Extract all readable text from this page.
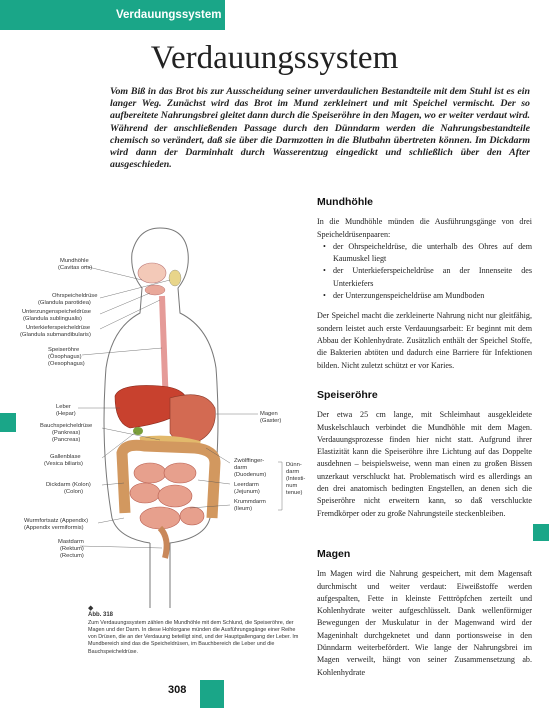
Verdauungssystem
Verdauungssystem
Vom Biß in das Brot bis zur Ausscheidung seiner unverdaulichen Bestandteile mit dem Stuhl ist es ein langer Weg. Zunächst wird das Brot im Mund zerkleinert und mit Speichel vermischt. Der so aufbereitete Nahrungsbrei gleitet dann durch die Speiseröhre in den Magen, wo er weiter verdaut wird. Während der anschließenden Passage durch den Dünndarm werden die Nahrungsbestandteile chemisch so verändert, daß sie über die Darmzotten in die Blutbahn übertreten können. Im Dickdarm wird dann der Darminhalt durch Wasserentzug eingedickt und schließlich über den After ausgeschieden.
Mundhöhle
(Cavitas oris)
Ohrspeicheldrüse
(Glandula parotidea)
Unterzungenspeicheldrüse
(Glandula sublingualis)
Unterkieferspeicheldrüse
(Glandula submandibularis)
Speiseröhre
(Ösophagus)
(Oesophagus)
Leber
(Hepar)
Bauchspeicheldrüse
(Pankreas)
(Pancreas)
Gallenblase
(Vesica biliaris)
Dickdarm (Kolon)
(Colon)
Wurmfortsatz (Appendix)
(Appendix vermiformis)
Mastdarm
(Rektum)
(Rectum)
Magen
(Gaster)
Zwölffinger-
darm
(Duodenum)
Leerdarm
(Jejunum)
Krummdarm
(Ileum)
Dünn-
darm
(Intesti-
num
tenue)
◆
Abb. 318
Zum Verdauungssystem zählen die Mundhöhle mit dem Schlund, die Speiseröhre, der Magen und der Darm. In diese Hohlorgane münden die Ausführungsgänge einer Reihe von Drüsen, die an der Verdauung beteiligt sind, und der Hauptgallengang der Leber. Im Mundbereich sind das die Speicheldrüsen, im Bauchbereich die Leber und die Bauchspeicheldrüse.
Mundhöhle

In die Mundhöhle münden die Ausführungsgänge von drei Speicheldrüsenpaaren:

• der Ohrspeicheldrüse, die unterhalb des Ohres auf dem Kaumuskel liegt
• der Unterkieferspeicheldrüse an der Innenseite des Unterkiefers
• der Unterzungenspeicheldrüse am Mundboden

Der Speichel macht die zerkleinerte Nahrung nicht nur gleitfähig, sondern leistet auch erste Verdauungsarbeit: Er beginnt mit dem Abbau der Kohlenhydrate. Zusätzlich enthält der Speichel Stoffe, die Bakterien abtöten und dadurch eine Barriere für Infektionen bilden. Nicht zuletzt schützt er vor Karies.

Speiseröhre

Der etwa 25 cm lange, mit Schleimhaut ausgekleidete Muskelschlauch verbindet die Mundhöhle mit dem Magen. Verdauungsprozesse finden hier nicht statt. Aufgrund ihrer Elastizität kann die Speiseröhre ihre Lichtung auf das Doppelte ausdehnen – beispielsweise, wenn man einen zu großen Bissen unzerkaut verschluckt hat. Problematisch wird es allerdings an den drei anatomisch bedingten Engstellen, an denen sich die Speiseröhre nicht erweitern kann, so daß verschluckte Fremdkörper oder zu große Nahrungsteile steckenbleiben.

Magen

Im Magen wird die Nahrung gespeichert, mit dem Magensaft durchmischt und weiter verdaut: Eiweißstoffe werden aufgespalten, Fette in kleinste Fetttröpfchen zerteilt und Kohlenhydrate weiter aufgeschlüsselt. Dank wellenförmiger Bewegungen der Muskulatur in der Magenwand wird der Mageninhalt durchgeknetet und dann portionsweise in den Dünndarm weiterbefördert. Wie lange der Nahrungsbrei im Magen verweilt, hängt von seiner Zusammensetzung ab. Kohlenhydrate

308
